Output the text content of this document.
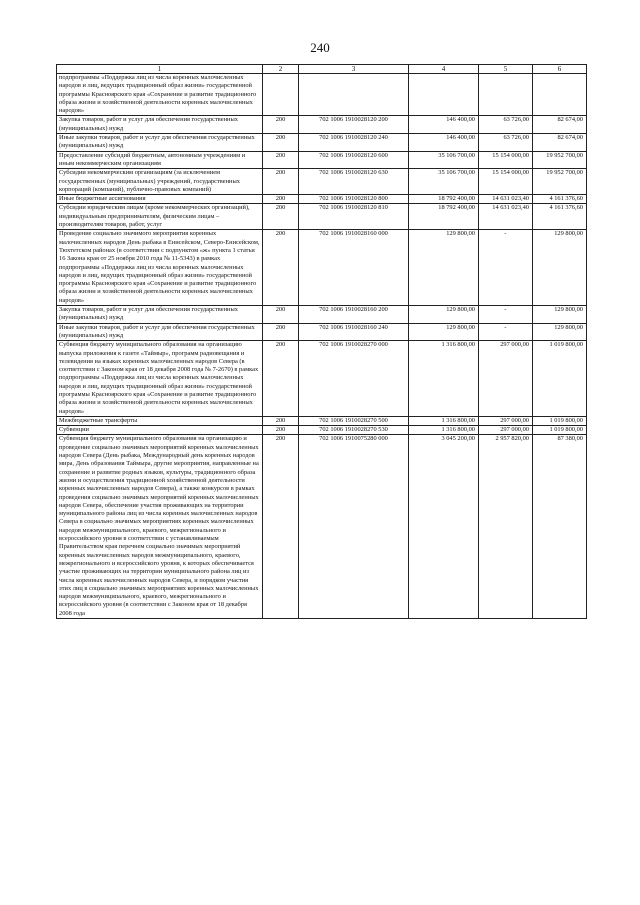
240
1	2	3	4	5	6
подпрограммы «Поддержка лиц из числа коренных малочисленных народов и лиц, ведущих традиционный образ жизни» государственной программы Красноярского края «Сохранение и развитие традиционного образа жизни и хозяйственной деятельности коренных малочисленных народов»					
Закупка товаров, работ и услуг для обеспечения государственных (муниципальных) нужд	200	702 1006 1910028120 200	146 400,00	63 726,00	82 674,00
Иные закупки товаров, работ и услуг для обеспечения государственных (муниципальных) нужд	200	702 1006 1910028120 240	146 400,00	63 726,00	82 674,00
Предоставление субсидий бюджетным, автономным учреждениям и иным некоммерческим организациям	200	702 1006 1910028120 600	35 106 700,00	15 154 000,00	19 952 700,00
Субсидии некоммерческим организациям (за исключением государственных (муниципальных) учреждений, государственных корпораций (компаний), публично-правовых компаний)	200	702 1006 1910028120 630	35 106 700,00	15 154 000,00	19 952 700,00
Иные бюджетные ассигнования	200	702 1006 1910028120 800	18 792 400,00	14 631 023,40	4 161 376,60
Субсидии юридическим лицам (кроме некоммерческих организаций), индивидуальным предпринимателям, физическим лицам – производителям товаров, работ, услуг	200	702 1006 1910028120 810	18 792 400,00	14 631 023,40	4 161 376,60
Проведение социально значимого мероприятия коренных малочисленных народов День рыбака в Енисейском, Северо-Енисейском, Тюхтетском районах (в соответствии с подпунктом «ж» пункта 1 статьи 16 Закона края от 25 ноября 2010 года № 11-5343) в рамках подпрограммы «Поддержка лиц из числа коренных малочисленных народов и лиц, ведущих традиционный образ жизни» государственной программы Красноярского края «Сохранение и развитие традиционного образа жизни и хозяйственной деятельности коренных малочисленных народов»	200	702 1006 1910028160 000	129 800,00	-	129 800,00
Закупка товаров, работ и услуг для обеспечения государственных (муниципальных) нужд	200	702 1006 1910028160 200	129 800,00	-	129 800,00
Иные закупки товаров, работ и услуг для обеспечения государственных (муниципальных) нужд	200	702 1006 1910028160 240	129 800,00	-	129 800,00
Субвенция бюджету муниципального образования на организацию выпуска приложения к газете «Таймыр», программ радиовещания и телевидения на языках коренных малочисленных народов Севера (в соответствии с Законом края от 18 декабря 2008 года № 7-2670) в рамках подпрограммы «Поддержка лиц из числа коренных малочисленных народов и лиц, ведущих традиционный образ жизни» государственной программы Красноярского края «Сохранение и развитие традиционного образа жизни и хозяйственной деятельности коренных малочисленных народов»	200	702 1006 1910028270 000	1 316 800,00	297 000,00	1 019 800,00
Межбюджетные трансферты	200	702 1006 1910028270 500	1 316 800,00	297 000,00	1 019 800,00
Субвенции	200	702 1006 1910028270 530	1 316 800,00	297 000,00	1 019 800,00
Субвенция бюджету муниципального образования на организацию и проведение социально значимых мероприятий коренных малочисленных народов Севера (День рыбака, Международный день коренных народов мира, День образования Таймыра, другие мероприятия, направленные на сохранение и развитие родных языков, культуры, традиционного образа жизни и осуществления традиционной хозяйственной деятельности коренных малочисленных народов Севера), а также конкурсов в рамках проведения социально значимых мероприятий коренных малочисленных народов Севера, обеспечение участия проживающих на территории муниципального района лиц из числа коренных малочисленных народов Севера в социально значимых мероприятиях коренных малочисленных народов межмуниципального, краевого, межрегионального и всероссийского уровня в соответствии с устанавливаемым Правительством края перечнем социально значимых мероприятий коренных малочисленных народов межмуниципального, краевого, межрегионального и всероссийского уровня, к которых обеспечивается участие проживающих на территории муниципального района лиц из числа коренных малочисленных народов Севера, и порядком участия этих лиц в социально значимых мероприятиях коренных малочисленных народов межмуниципального, краевого, межрегионального и всероссийского уровня (в соответствии с Законом края от 18 декабря 2008 года	200	702 1006 1910075280 000	3 045 200,00	2 957 820,00	87 380,00
